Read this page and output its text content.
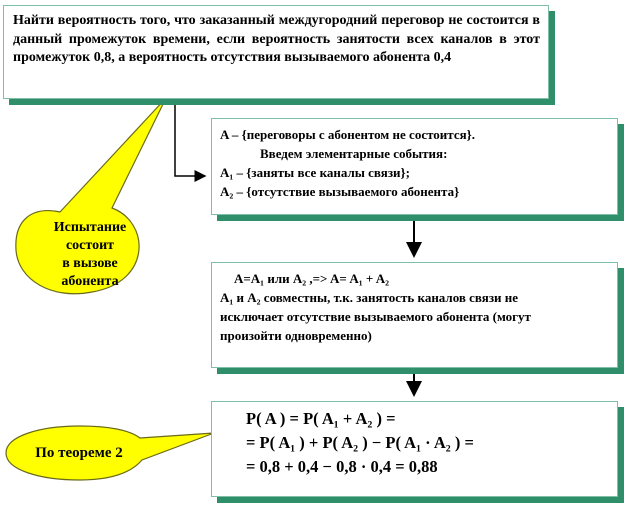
Найти вероятность того, что заказанный междугородний переговор не состоится в данный промежуток времени, если вероятность занятости всех каналов в этот промежуток 0,8, а вероятность отсутствия вызываемого абонента 0,4
A – {переговоры с абонентом не состоится}.
Введем элементарные события:
A₁ – {заняты все каналы связи};
A₂ – {отсутствие вызываемого абонента}
A=A₁ или A₂ ,=> A= A₁ + A₂
A₁ и A₂ совместны, т.к. занятость каналов связи не
исключает отсутствие вызываемого абонента (могут
произойти одновременно)
P( A ) = P( A₁ + A₂ ) =
= P( A₁ ) + P( A₂ ) − P( A₁ · A₂ ) =
= 0,8 + 0,4 − 0,8 · 0,4 = 0,88
Испытание
состоит
в вызове
абонента
По теореме 2
